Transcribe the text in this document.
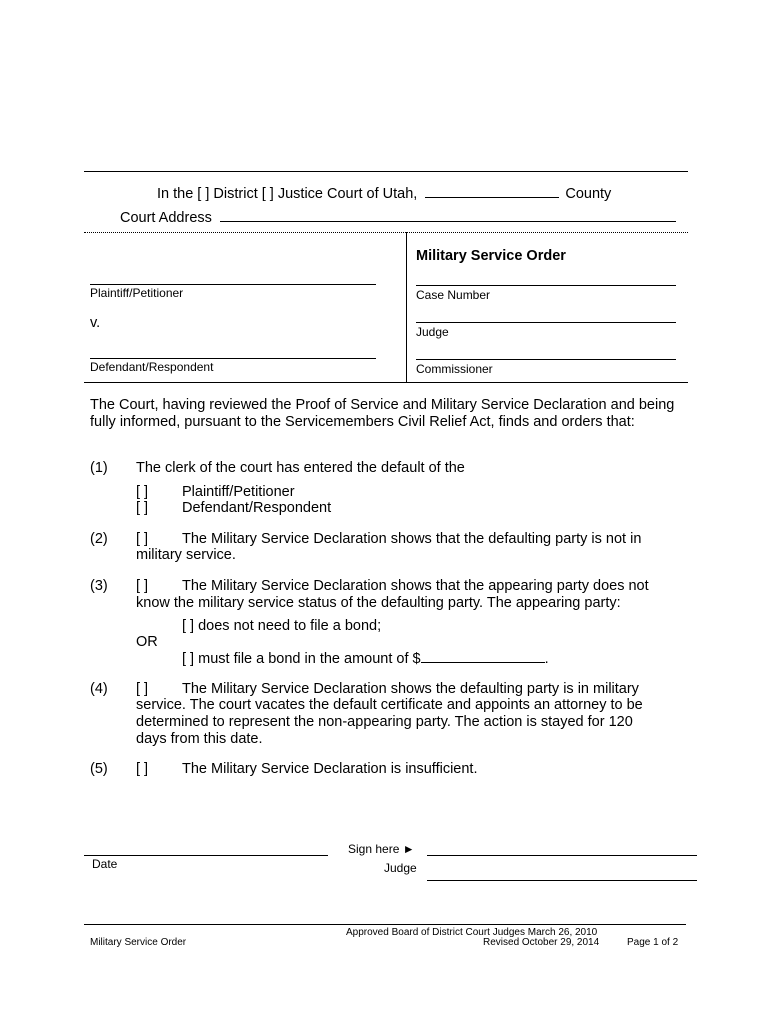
In the [ ] District [ ] Justice Court of Utah,	County
Court Address
Military Service Order
Plaintiff/Petitioner
v.
Defendant/Respondent
Case Number
Judge
Commissioner
The Court, having reviewed the Proof of Service and Military Service Declaration and being fully informed, pursuant to the Servicemembers Civil Relief Act, finds and orders that:
(1) The clerk of the court has entered the default of the
[ ] Plaintiff/Petitioner
[ ] Defendant/Respondent
(2) [ ] The Military Service Declaration shows that the defaulting party is not in
military service.
(3) [ ] The Military Service Declaration shows that the appearing party does not
know the military service status of the defaulting party. The appearing party:
[ ] does not need to file a bond;
OR
[ ] must file a bond in the amount of $	.
(4) [ ] The Military Service Declaration shows the defaulting party is in military
service. The court vacates the default certificate and appoints an attorney to be
determined to represent the non-appearing party. The action is stayed for 120
days from this date.
(5) [ ] The Military Service Declaration is insufficient.
Sign here ►
Date	Judge
Approved Board of District Court Judges March 26, 2010
Military Service Order	Revised October 29, 2014	Page 1 of 2
